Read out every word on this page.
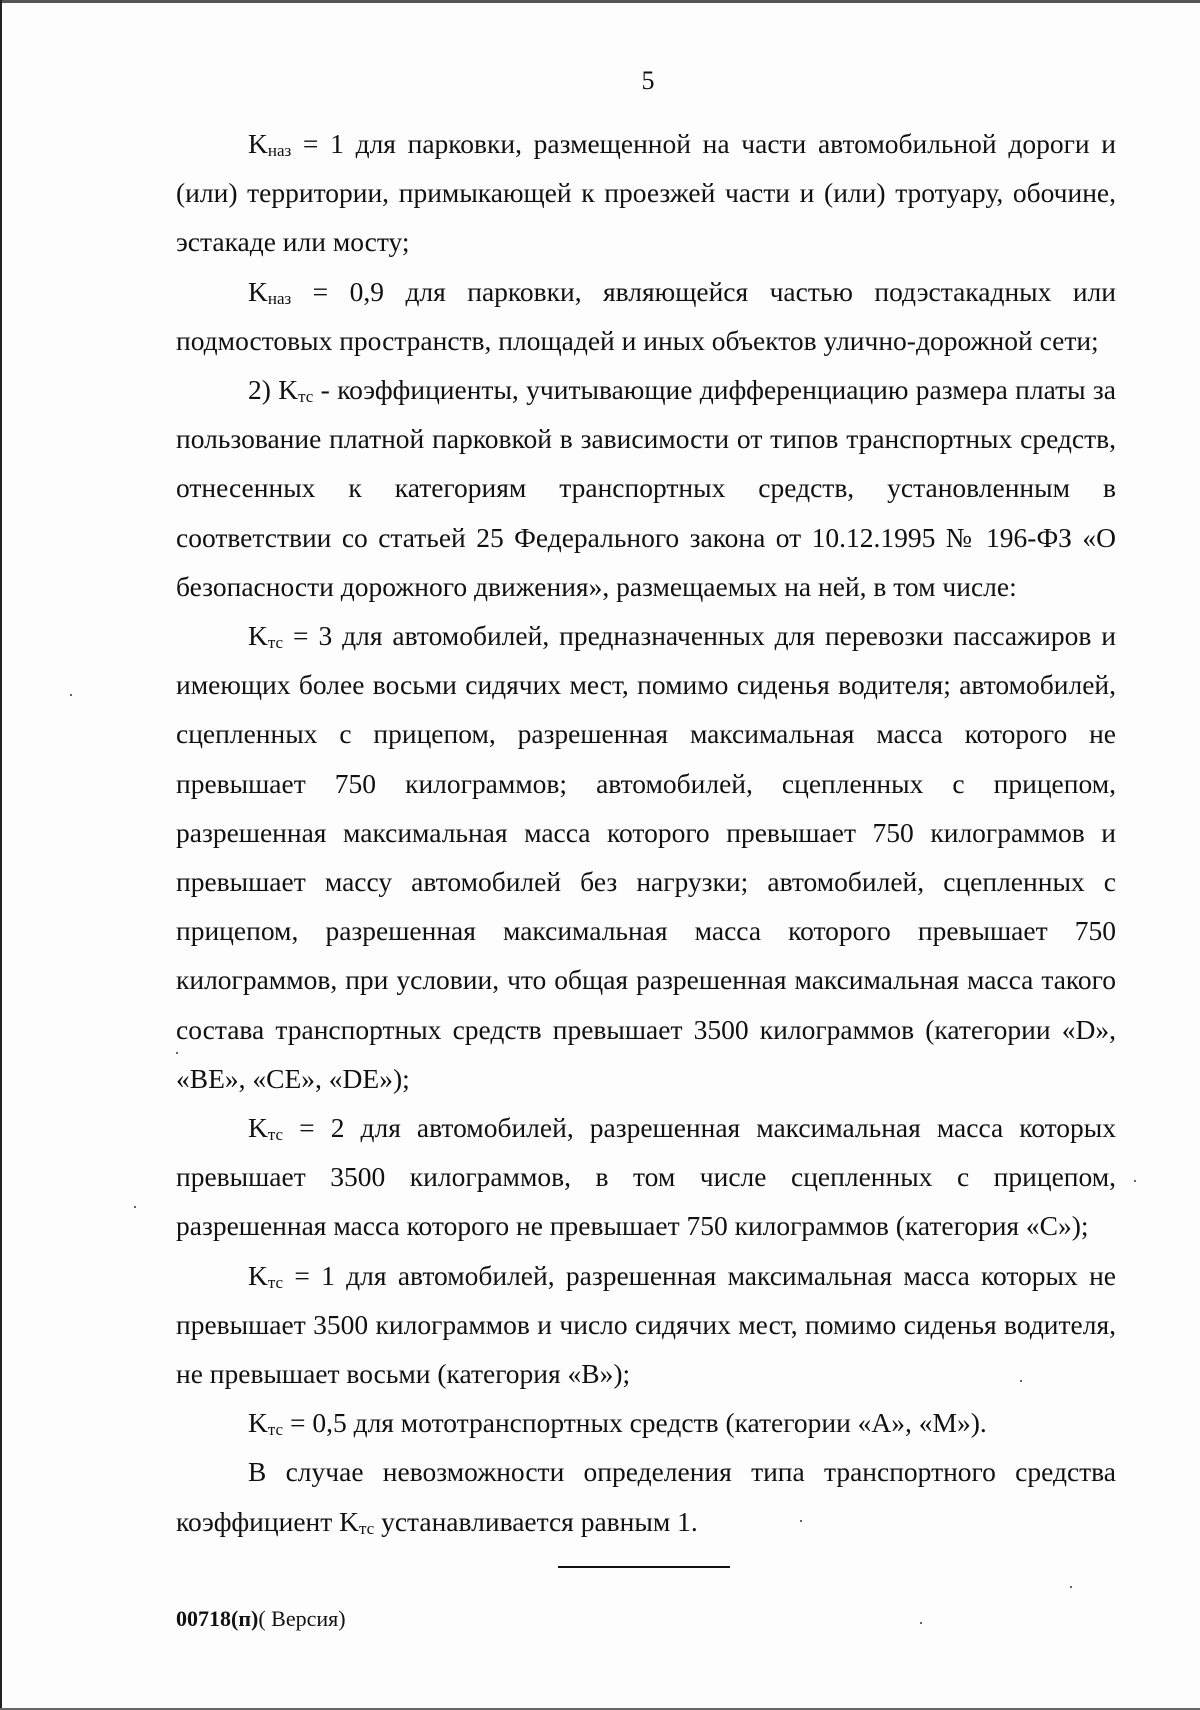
5

$K_{наз} = 1$ для парковки, размещенной на части автомобильной дороги и (или) территории, примыкающей к проезжей части и (или) тротуару, обочине, эстакаде или мосту;

$K_{наз} = 0,9$ для парковки, являющейся частью подэстакадных или подмостовых пространств, площадей и иных объектов улично-дорожной сети;

2) $K_{тс}$ - коэффициенты, учитывающие дифференциацию размера платы за пользование платной парковкой в зависимости от типов транспортных средств, отнесенных к категориям транспортных средств, установленным в соответствии со статьей 25 Федерального закона от 10.12.1995 № 196-ФЗ «О безопасности дорожного движения», размещаемых на ней, в том числе:

$K_{тс} = 3$ для автомобилей, предназначенных для перевозки пассажиров и имеющих более восьми сидячих мест, помимо сиденья водителя; автомобилей, сцепленных с прицепом, разрешенная максимальная масса которого не превышает 750 килограммов; автомобилей, сцепленных с прицепом, разрешенная максимальная масса которого превышает 750 килограммов и превышает массу автомобилей без нагрузки; автомобилей, сцепленных с прицепом, разрешенная максимальная масса которого превышает 750 килограммов, при условии, что общая разрешенная максимальная масса такого состава транспортных средств превышает 3500 килограммов (категории «D», «BE», «CE», «DE»);

$K_{тс} = 2$ для автомобилей, разрешенная максимальная масса которых превышает 3500 килограммов, в том числе сцепленных с прицепом, разрешенная масса которого не превышает 750 килограммов (категория «C»);

$K_{тс} = 1$ для автомобилей, разрешенная максимальная масса которых не превышает 3500 килограммов и число сидячих мест, помимо сиденья водителя, не превышает восьми (категория «B»);

$K_{тс} = 0,5$ для мототранспортных средств (категории «A», «M»).

В случае невозможности определения типа транспортного средства коэффициент $K_{тс}$ устанавливается равным 1.

00718(п)( Версия)
